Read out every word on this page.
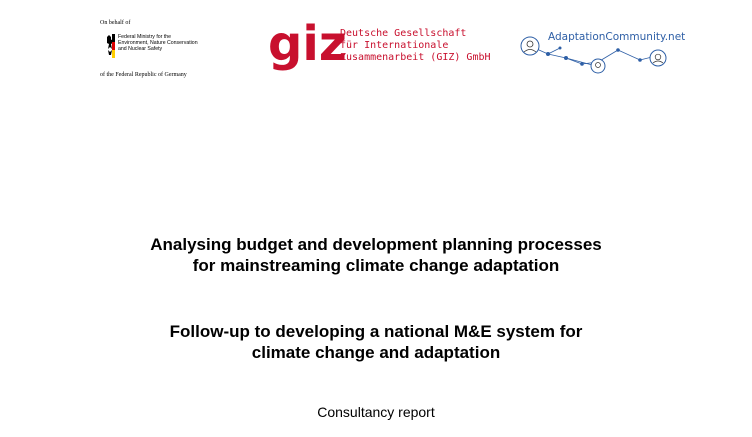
On behalf of
Federal Ministry for the
Environment, Nature Conservation
and Nuclear Safety
of the Federal Republic of Germany
giz
Deutsche Gesellschaft
für Internationale
Zusammenarbeit (GIZ) GmbH
AdaptationCommunity.net
Analysing budget and development planning processes
for mainstreaming climate change adaptation
Follow-up to developing a national M&E system for
climate change and adaptation
Consultancy report
